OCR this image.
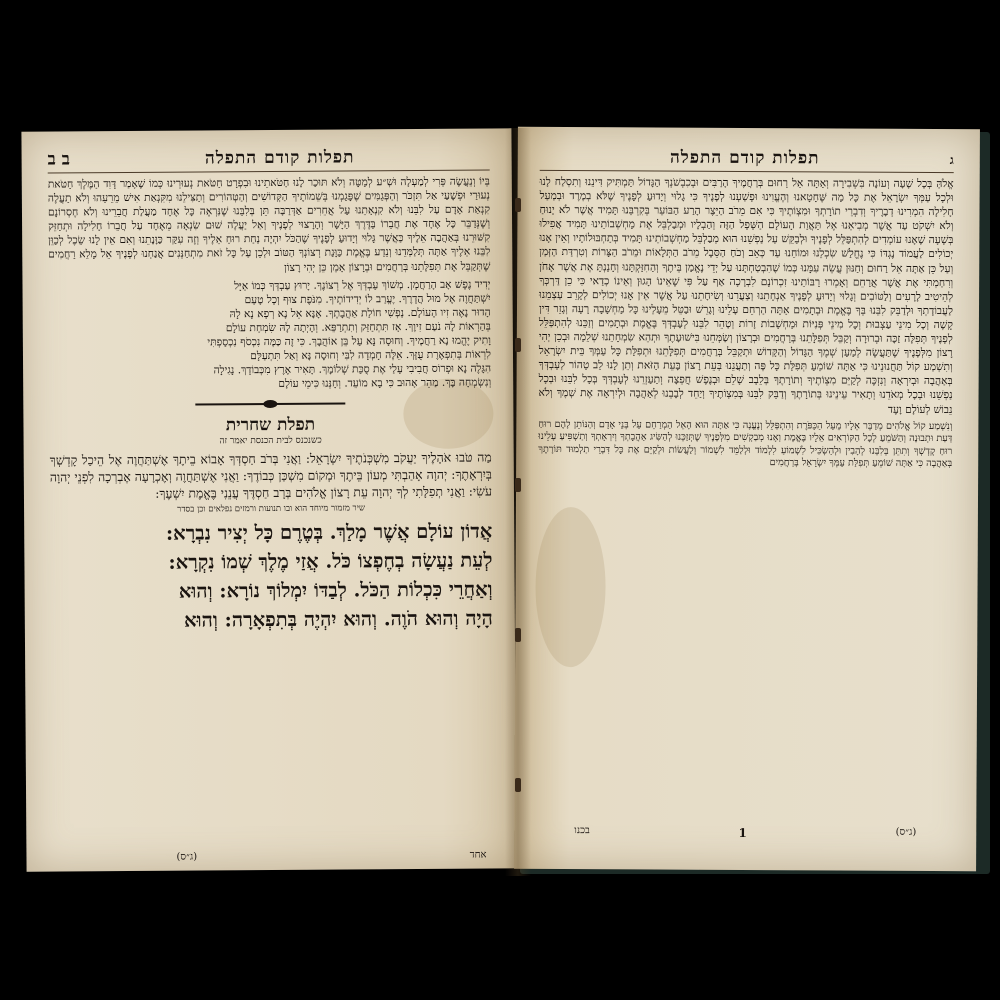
תפלות קודם התפלה
ב ב

בְּיוֹ וְנֵעֲשֶׂה פְּרִי לְמַעְלָה וּשְׁ״ע לְמַטָּה וְלֹא תּוּכַר לָנוּ חַטֹּאתֵינוּ וּבִפְרָט חַטֹּאת נְעוּרֵינוּ כְּמוֹ שֶׁאָמַר דָּוִד הַמֶּלֶךְ חַטֹּאת נְעוּרַי וּפְשָׁעַי אַל תִּזְכֹּר וְהַפְּגַמִּים שֶׁפָּגַמְנוּ בְּשֵׁמוֹתֶיךָ הַקְּדוֹשִׁים וְהַטְּהוֹרִים וְתַצִּילֵנוּ מִקִּנְאַת אִישׁ מֵרֵעֵהוּ וְלֹא תַעֲלֶה קִנְאַת אָדָם עַל לִבֵּנוּ וְלֹא קִנְאָתֵנוּ עַל אֲחֵרִים אַדְּרַבָּה תֵּן בְּלִבֵּנוּ שֶׁנִּרְאֶה כָּל אֶחָד מַעֲלַת חֲבֵרֵינוּ וְלֹא חֶסְרוֹנָם וְשֶׁנְּדַבֵּר כָּל אֶחָד אֶת חֲבֵרוֹ בַּדֶּרֶךְ הַיָּשָׁר וְהָרָצוּי לְפָנֶיךָ וְאַל יַעֲלֶה שׁוּם שִׂנְאָה מֵאֶחָד עַל חֲבֵרוֹ חָלִילָה וּתְחַזֵּק קִשּׁוּרֵנוּ בְּאַהֲבָה אֵלֶיךָ כַּאֲשֶׁר גָּלוּי וְיָדוּעַ לְפָנֶיךָ שֶׁהַכֹּל יִהְיֶה נַחַת רוּחַ אֵלֶיךָ וְזֶה עִקַּר כַּוָּנָתֵנוּ וְאִם אֵין לָנוּ שֵׂכֶל לְכַוֵּן לִבֵּנוּ אֵלֶיךָ אַתָּה תְּלַמְּדֵנוּ וְנֵדַע בֶּאֱמֶת כַּוָּנַת רְצוֹנְךָ הַטּוֹב וּלְכֵן עַל כָּל זֹאת מִתְחַנְּנִים אֲנַחְנוּ לְפָנֶיךָ אֵל מָלֵא רַחֲמִים שֶׁתְּקַבֵּל אֶת תְּפִלָּתֵנוּ בְּרַחֲמִים וּבְרָצוֹן אָמֵן כֵּן יְהִי רָצוֹן

יְדִיד נֶפֶשׁ אָב הָרַחֲמָן. מְשׁוֹךְ עַבְדְּךָ אֶל רְצוֹנֶךָ. יָרוּץ עַבְדְּךָ כְּמוֹ אַיָּל
יִשְׁתַּחֲוֶה אֶל מוּל הֲדָרֶךָ. יֶעֱרַב לוֹ יְדִידוֹתֶיךָ. מִנֹּפֶת צוּף וְכָל טָעַם
הָדוּר נָאֶה זִיו הָעוֹלָם. נַפְשִׁי חוֹלַת אַהֲבָתֶךָ. אָנָּא אֵל נָא רְפָא נָא לָהּ
בְּהַרְאוֹת לָהּ נֹעַם זִיוֶךָ. אָז תִּתְחַזֵּק וְתִתְרַפֵּא. וְהָיְתָה לָהּ שִׂמְחַת עוֹלָם
וָתִיק יֶהֱמוּ נָא רַחֲמֶיךָ. וְחוּסָה נָּא עַל בֵּן אוֹהֲבָךְ. כִּי זֶה כַּמֶּה נִכְסֹף נִכְסַפְתִּי
לִרְאוֹת בְּתִפְאֶרֶת עֻזָּךְ. אֵלֶּה חָמְדָה לִבִּי וְחוּסָה נָּא וְאַל תִּתְעַלָּם
הִגָּלֶה נָא וּפְרוֹס חֲבִיבִי עָלַי אֶת סֻכַּת שְׁלוֹמָךְ. תָּאִיר אֶרֶץ מִכְּבוֹדָךְ. נָגִילָה
וְנִשְׂמְחָה בָּךְ. מַהֵר אָהוּב כִּי בָא מוֹעֵד. וְחָנֵּנוּ כִּימֵי עוֹלָם
תפלת שחרית
כשנכנס לבית הכנסת יאמר זה

מַה טֹּבוּ אֹהָלֶיךָ יַעֲקֹב מִשְׁכְּנֹתֶיךָ יִשְׂרָאֵל: וַאֲנִי בְּרֹב חַסְדְּךָ אָבוֹא בֵיתֶךָ אֶשְׁתַּחֲוֶה אֶל הֵיכַל קָדְשְׁךָ בְּיִרְאָתֶךָ: יְהוָה אָהַבְתִּי מְעוֹן בֵּיתֶךָ וּמְקוֹם מִשְׁכַּן כְּבוֹדֶךָ: וַאֲנִי אֶשְׁתַּחֲוֶה וְאֶכְרָעָה אֶבְרְכָה לִפְנֵי יְהוָה עֹשִׂי: וַאֲנִי תְפִלָּתִי לְךָ יְהוָה עֵת רָצוֹן אֱלֹהִים בְּרָב חַסְדֶּךָ עֲנֵנִי בֶּאֱמֶת יִשְׁעֶךָ:

שיר מזמור מיוחד הוא ובו תנועות ורמזים נפלאים וכן בסדר
אֲדוֹן עוֹלָם אֲשֶׁר מָלַךְ. בְּטֶרֶם כָּל יְצִיר נִבְרָא:
לְעֵת נַעֲשָׂה בְחֶפְצוֹ כֹּל. אֲזַי מֶלֶךְ שְׁמוֹ נִקְרָא:
וְאַחֲרֵי כִּכְלוֹת הַכֹּל. לְבַדּוֹ יִמְלוֹךְ נוֹרָא: וְהוּא
הָיָה וְהוּא הֹוֶה. וְהוּא יִהְיֶה בְּתִפְאָרָה: וְהוּא
אחד
(ג״ס)
ג
תפלות קודם התפלה

אֱלֹהַּ בְּכָל שָׁעָה וְעוֹנָה בִּשְׁבִירָה וְאַתָּה אֵל רַחוּם בְּרַחֲמֶיךָ הָרַבִּים וּבְכִבְשֹׁנְךָ הַגָּדוֹל תַּמְתִּיק דִּינֵנוּ וְתִסְלַח לָנוּ וּלְכָל עַמְּךָ יִשְׂרָאֵל אֶת כָּל מַה שֶּׁחָטָאנוּ וְהֶעֱוִינוּ וּפָשַׁעְנוּ לְפָנֶיךָ כִּי גָלוּי וְיָדוּעַ לְפָנֶיךָ שֶׁלֹּא בְמֶרֶד וּבְמַעַל חָלִילָה הִמְרִינוּ דְבָרֶיךָ וְדִבְרֵי תוֹרָתְךָ וּמִצְוֹתֶיךָ כִּי אִם מֵרֹב הַיֵּצֶר הָרַע הַבּוֹעֵר בְּקִרְבֵּנוּ תָּמִיד אֲשֶׁר לֹא יָנוּחַ וְלֹא יִשְׁקֹט עַד אֲשֶׁר מְבִיאֵנוּ אֶל תַּאֲוַת הָעוֹלָם הַשָּׁפָל הַזֶּה וְהַבְלָיו וּמְבַלְבֵּל אֶת מַחְשְׁבוֹתֵינוּ תָּמִיד אֲפִילוּ בְּשָׁעָה שֶׁאָנוּ עוֹמְדִים לְהִתְפַּלֵּל לְפָנֶיךָ וּלְבַקֵּשׁ עַל נַפְשֵׁנוּ הוּא מְבַלְבֵּל מַחְשְׁבוֹתֵינוּ תָּמִיד בְּתַחְבּוּלוֹתָיו וְאֵין אָנוּ יְכוֹלִים לַעֲמוֹד נֶגְדּוֹ כִּי נֶחֱלַשׁ שִׂכְלֵנוּ וּמוֹחֵנוּ עַד כְּאֵב וְכֹחַ הַסֵּבֶל מֵרֹב הַתְּלָאוֹת וּמֵרֹב הַצָּרוֹת וְטִרְדַּת הַזְּמַן וְעַל כֵּן אַתָּה אֵל רַחוּם וְחַנּוּן עֲשֵׂה עִמָּנוּ כְּמוֹ שֶׁהִבְטַחְתָּנוּ עַל יְדֵי נֶאֱמַן בֵּיתֶךָ וְהַחִזַּקְתָּנוּ וְחָנַנְתָּ אֶת אֲשֶׁר אָחֹן וְרִחַמְתִּי אֶת אֲשֶׁר אֲרַחֵם וְאָמְרוּ רַבּוֹתֵינוּ זִכְרוֹנָם לִבְרָכָה אַף עַל פִּי שֶׁאֵינוֹ הָגוּן וְאֵינוֹ כְדַאי כִּי כֵן דַּרְכְּךָ לְהֵיטִיב לָרָעִים וְלַטּוֹבִים וְגָלוּי וְיָדוּעַ לְפָנֶיךָ אַנְחָתֵנוּ וְצַעֲרֵנוּ וְשִׂיחָתֵנוּ עַל אֲשֶׁר אֵין אָנוּ יְכוֹלִים לְקָרֵב עַצְמֵנוּ לַעֲבוֹדָתְךָ וּלְדַבֵּק לִבֵּנוּ בְּךָ בֶּאֱמֶת וּבְתָמִים אַתָּה הַרְחֵם עָלֵינוּ וְגָרֵשׁ וּבַטֵּל מֵעָלֵינוּ כָּל מַחְשָׁבָה רָעָה וְגָזֵר דִּין קָשֶׁה וְכָל מִינֵי עַצְבוּת וְכָל מִינֵי פְּנִיּוֹת וּמַחְשָׁבוֹת זָרוֹת וְטָהֵר לִבֵּנוּ לְעָבְדְּךָ בֶּאֱמֶת וּבְתָמִים וְזַכֵּנוּ לְהִתְפַּלֵּל לְפָנֶיךָ תְּפִלָּה זַכָּה וּבְרוּרָה וְקַבֵּל תְּפִלָּתֵנוּ בְּרַחֲמִים וּבְרָצוֹן וְשַׂמְּחֵנוּ בִּישׁוּעָתֶךָ וּתְהֵא שִׂמְחָתֵנוּ שְׁלֵמָה וּבְכֵן יְהִי רָצוֹן מִלְּפָנֶיךָ שֶׁתַּעֲשֶׂה לְמַעַן שְׁמֶךָ הַגָּדוֹל וְהַקָּדוֹשׁ וּתְקַבֵּל בְּרַחֲמִים תְּפִלָּתֵנוּ וּתְפִלַּת כָּל עַמְּךָ בֵּית יִשְׂרָאֵל וְתִשְׁמַע קוֹל תַּחֲנוּנֵינוּ כִּי אַתָּה שׁוֹמֵעַ תְּפִלַּת כָּל פֶּה וְתַעֲנֵנוּ בְּעֵת רָצוֹן בָּעֵת הַזֹּאת וְתֵן לָנוּ לֵב טָהוֹר לְעָבְדְּךָ בְּאַהֲבָה וּבְיִרְאָה וְנִזְכֶּה לְקַיֵּם מִצְוֹתֶיךָ וְתוֹרָתֶךָ בְּלֵבָב שָׁלֵם וּבְנֶפֶשׁ חֲפֵצָה וְתַעַזְרֵנוּ לְעָבְדְּךָ בְּכָל לִבֵּנוּ וּבְכָל נַפְשֵׁנוּ וּבְכָל מְאֹדֵנוּ וְתָאִיר עֵינֵינוּ בְּתוֹרָתֶךָ וְדַבֵּק לִבֵּנוּ בְּמִצְוֹתֶיךָ וְיַחֵד לְבָבֵנוּ לְאַהֲבָה וּלְיִרְאָה אֶת שְׁמֶךָ וְלֹא נֵבוֹשׁ לְעוֹלָם וָעֶד

וְנִשְׁמַע קוֹל אֱלֹהִים מְדַבֵּר אֵלָיו מֵעַל הַכַּפֹּרֶת וְהִתְפַּלֵּל וְנֶעֱנָה כִּי אַתָּה הוּא הָאֵל הַמְרַחֵם עַל בְּנֵי אָדָם וְהַנּוֹתֵן לָהֶם רוּחַ דַּעַת וּתְבוּנָה וְהַשֹּׁמֵעַ לְכָל הַקּוֹרְאִים אֵלָיו בֶּאֱמֶת וְאָנוּ מְבַקְשִׁים מִלְּפָנֶיךָ שֶׁתְּזַכֵּנוּ לְהַשִּׂיג אַהֲבָתְךָ וְיִרְאָתְךָ וְתַשְׁפִּיעַ עָלֵינוּ רוּחַ קָדְשְׁךָ וְתִתֵּן בְּלִבֵּנוּ לְהָבִין וּלְהַשְׂכִּיל לִשְׁמוֹעַ לִלְמוֹד וּלְלַמֵּד לִשְׁמוֹר וְלַעֲשׂוֹת וּלְקַיֵּם אֶת כָּל דִּבְרֵי תַלְמוּד תּוֹרָתֶךָ בְּאַהֲבָה כִּי אַתָּה שׁוֹמֵעַ תְּפִלַּת עַמְּךָ יִשְׂרָאֵל בְּרַחֲמִים

(ג״ס)
1
בכנו
